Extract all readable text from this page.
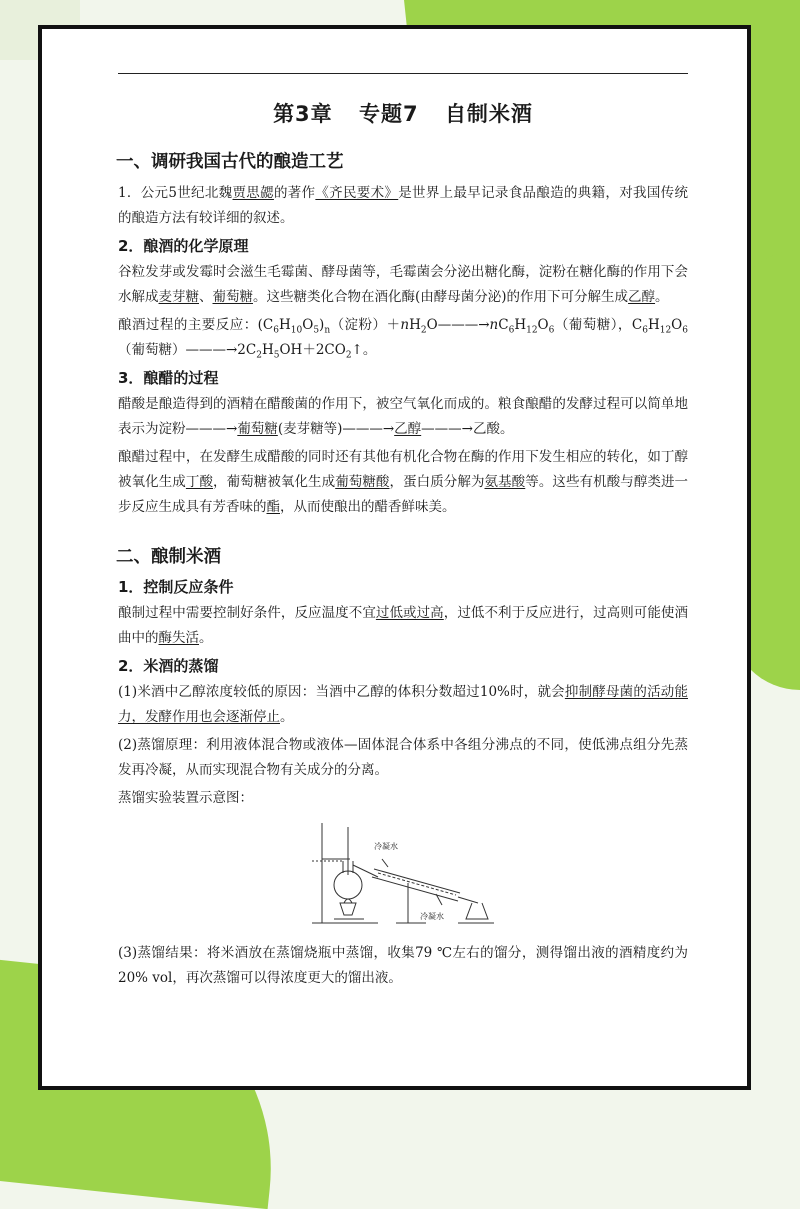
第3章 专题7 自制米酒
一、调研我国古代的酿造工艺

1．公元5世纪北魏贾思勰的著作《齐民要术》是世界上最早记录食品酿造的典籍，对我国传统的酿造方法有较详细的叙述。

2．酿酒的化学原理

谷粒发芽或发霉时会滋生毛霉菌、酵母菌等，毛霉菌会分泌出糖化酶，淀粉在糖化酶的作用下会水解成麦芽糖、葡萄糖。这些糖类化合物在酒化酶(由酵母菌分泌)的作用下可分解生成乙醇。

酿酒过程的主要反应：$(C_6H_{10}O_5)_n$（淀粉）$+nH_2O———\to nC_6H_{12}O_6$（葡萄糖），$C_6H_{12}O_6$（葡萄糖）$———\to 2C_2H_5OH+2CO_2↑$。

3．酿醋的过程

醋酸是酿造得到的酒精在醋酸菌的作用下，被空气氧化而成的。粮食酿醋的发酵过程可以简单地表示为淀粉———→葡萄糖(麦芽糖等)———→乙醇———→乙酸。

酿醋过程中，在发酵生成醋酸的同时还有其他有机化合物在酶的作用下发生相应的转化，如丁醇被氧化生成丁酸，葡萄糖被氧化生成葡萄糖酸，蛋白质分解为氨基酸等。这些有机酸与醇类进一步反应生成具有芳香味的酯，从而使酿出的醋香鲜味美。

二、酿制米酒
1．控制反应条件

酿制过程中需要控制好条件，反应温度不宜过低或过高，过低不利于反应进行，过高则可能使酒曲中的酶失活。

2．米酒的蒸馏

(1)米酒中乙醇浓度较低的原因：当酒中乙醇的体积分数超过10%时，就会抑制酵母菌的活动能力，发酵作用也会逐渐停止。

(2)蒸馏原理：利用液体混合物或液体—固体混合体系中各组分沸点的不同，使低沸点组分先蒸发再冷凝，从而实现混合物有关成分的分离。

蒸馏实验装置示意图：

冷凝水
冷凝水

(3)蒸馏结果：将米酒放在蒸馏烧瓶中蒸馏，收集79 ℃左右的馏分，测得馏出液的酒精度约为20% vol，再次蒸馏可以得浓度更大的馏出液。
